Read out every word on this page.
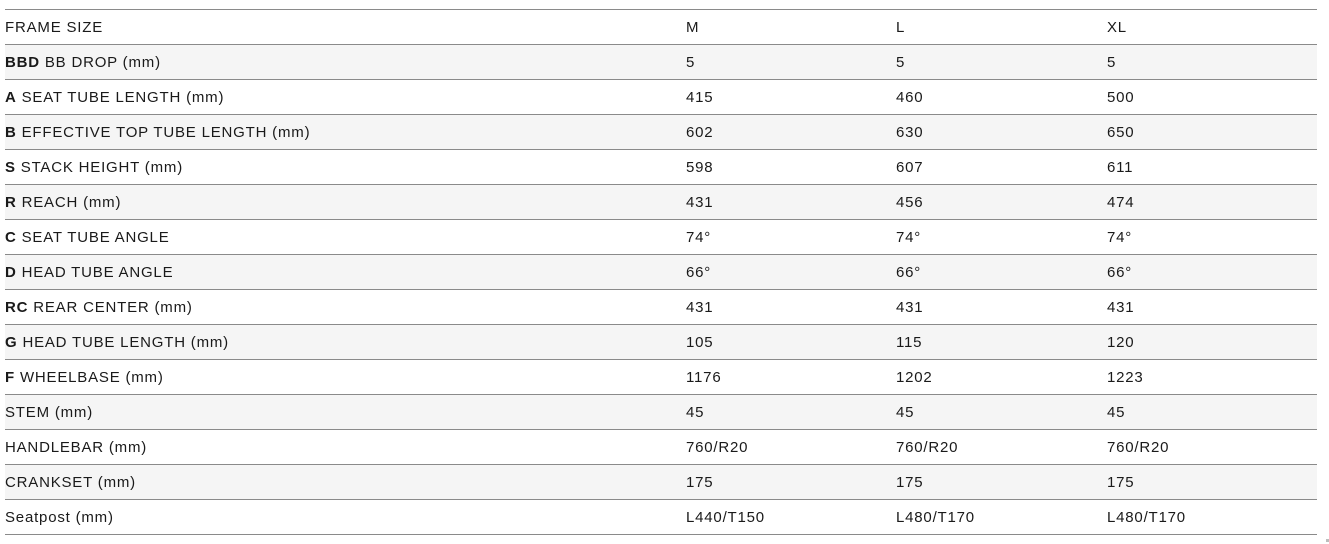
FRAME SIZE	M	L	XL
BBD BB DROP (mm)	5	5	5
A SEAT TUBE LENGTH (mm)	415	460	500
B EFFECTIVE TOP TUBE LENGTH (mm)	602	630	650
S STACK HEIGHT (mm)	598	607	611
R REACH (mm)	431	456	474
C SEAT TUBE ANGLE	74°	74°	74°
D HEAD TUBE ANGLE	66°	66°	66°
RC REAR CENTER (mm)	431	431	431
G HEAD TUBE LENGTH (mm)	105	115	120
F WHEELBASE (mm)	1176	1202	1223
STEM (mm)	45	45	45
HANDLEBAR (mm)	760/R20	760/R20	760/R20
CRANKSET (mm)	175	175	175
Seatpost (mm)	L440/T150	L480/T170	L480/T170
